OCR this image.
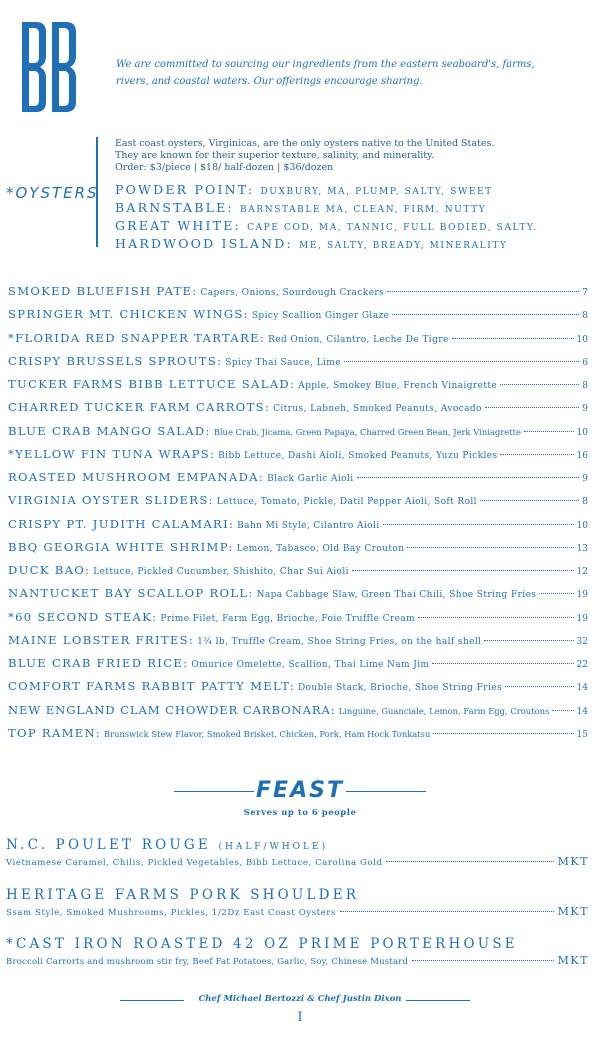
We are committed to sourcing our ingredients from the eastern seaboard's, farms, rivers, and coastal waters. Our offerings encourage sharing.
*OYSTERS
East coast oysters, Virginicas, are the only oysters native to the United States.
They are known for their superior texture, salinity, and minerality.
Order: $3/piece | $18/ half-dozen | $36/dozen
POWDER POINT: DUXBURY, MA, PLUMP, SALTY, SWEET
BARNSTABLE: BARNSTABLE MA, CLEAN, FIRM, NUTTY
GREAT WHITE: CAPE COD, MA, TANNIC, FULL BODIED, SALTY.
HARDWOOD ISLAND: ME, SALTY, BREADY, MINERALITY
SMOKED BLUEFISH PATE: Capers, Onions, Sourdough Crackers	7
SPRINGER MT. CHICKEN WINGS: Spicy Scallion Ginger Glaze	8
*FLORIDA RED SNAPPER TARTARE: Red Onion, Cilantro, Leche De Tigre	10
CRISPY BRUSSELS SPROUTS: Spicy Thai Sauce, Lime	6
TUCKER FARMS BIBB LETTUCE SALAD: Apple, Smokey Blue, French Vinaigrette	8
CHARRED TUCKER FARM CARROTS: Citrus, Labneh, Smoked Peanuts, Avocado	9
BLUE CRAB MANGO SALAD: Blue Crab, Jicama, Green Papaya, Charred Green Bean, Jerk Viniagrette	10
*YELLOW FIN TUNA WRAPS: Bibb Lettuce, Dashi Aioli, Smoked Peanuts, Yuzu Pickles	16
ROASTED MUSHROOM EMPANADA: Black Garlic Aioli	9
VIRGINIA OYSTER SLIDERS: Lettuce, Tomato, Pickle, Datil Pepper Aioli, Soft Roll	8
CRISPY PT. JUDITH CALAMARI: Bahn Mi Style, Cilantro Aioli	10
BBQ GEORGIA WHITE SHRIMP: Lemon, Tabasco, Old Bay Crouton	13
DUCK BAO: Lettuce, Pickled Cucumber, Shishito, Char Sui Aioli	12
NANTUCKET BAY SCALLOP ROLL: Napa Cabbage Slaw, Green Thai Chili, Shoe String Fries	19
*60 SECOND STEAK: Prime Filet, Farm Egg, Brioche, Foie Truffle Cream	19
MAINE LOBSTER FRITES: 1¾ lb, Truffle Cream, Shoe String Fries, on the half shell	32
BLUE CRAB FRIED RICE: Omurice Omelette, Scallion, Thai Lime Nam Jim	22
COMFORT FARMS RABBIT PATTY MELT: Double Stack, Brioche, Shoe String Fries	14
NEW ENGLAND CLAM CHOWDER CARBONARA: Linguine, Guanciale, Lemon, Farm Egg, Croutons	14
TOP RAMEN: Brunswick Stew Flavor, Smoked Brisket, Chicken, Pork, Ham Hock Tonkatsu	15
FEAST
Serves up to 6 people
N.C. POULET ROUGE (HALF/WHOLE)
Vietnamese Caramel, Chilis, Pickled Vegetables, Bibb Lettuce, Carolina Gold	MKT
HERITAGE FARMS PORK SHOULDER
Ssam Style, Smoked Mushrooms, Pickles, 1/2Dz East Coast Oysters	MKT
*CAST IRON ROASTED 42 OZ PRIME PORTERHOUSE
Broccoli Carrorts and mushroom stir fry, Beef Fat Potatoes, Garlic, Soy, Chinese Mustard	MKT
Chef Michael Bertozzi & Chef Justin Dixon
I
